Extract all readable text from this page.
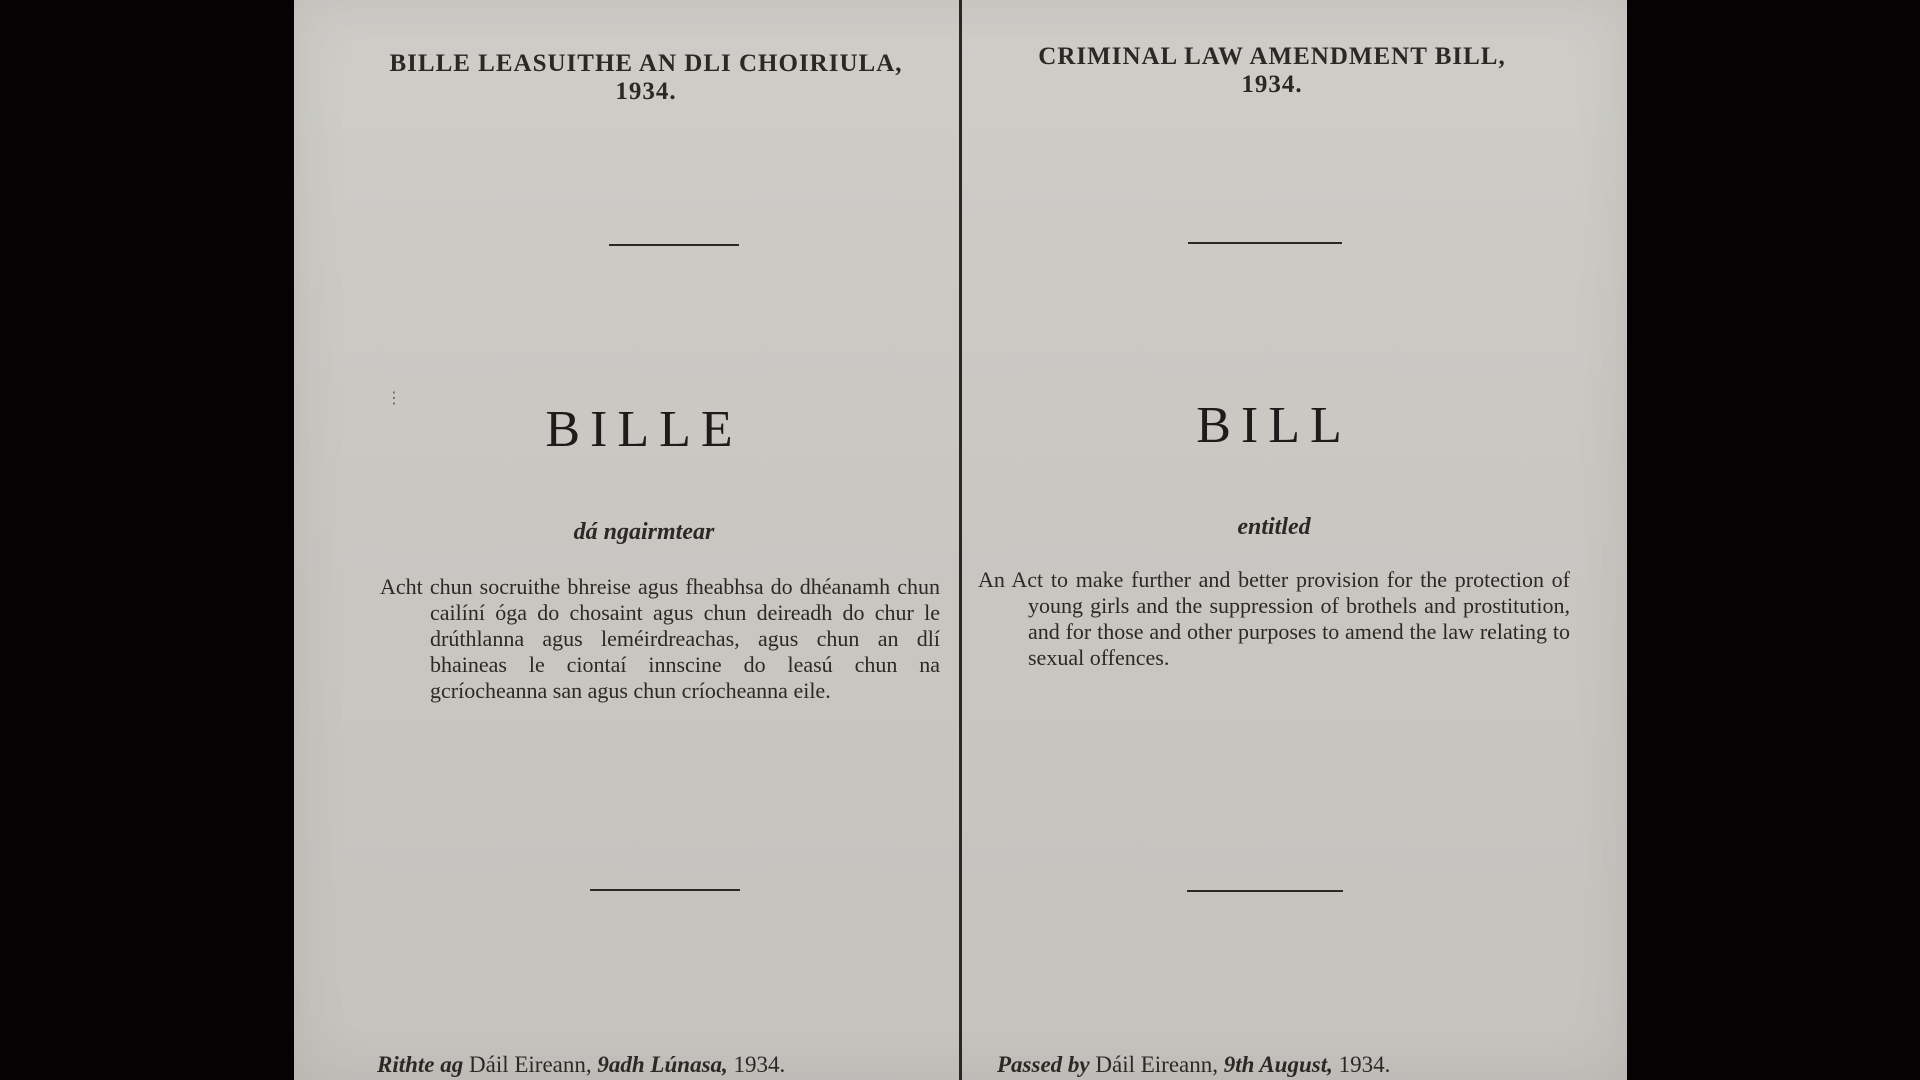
BILLE LEASUITHE AN DLI CHOIRIULA,
1934.
BILLE
dá ngairmtear
Acht chun socruithe bhreise agus fheabhsa do dhéanamh chun cailíní óga do chosaint agus chun deireadh do chur le drúthlanna agus leméirdreachas, agus chun an dlí bhaineas le ciontaí innscine do leasú chun na gcríocheanna san agus chun críocheanna eile.
Rithte ag Dáil Eireann, 9adh Lúnasa, 1934.
⋮
CRIMINAL LAW AMENDMENT BILL,
1934.
BILL
entitled
An Act to make further and better provision for the protection of young girls and the suppression of brothels and prostitution, and for those and other purposes to amend the law relating to sexual offences.
Passed by Dáil Eireann, 9th August, 1934.
